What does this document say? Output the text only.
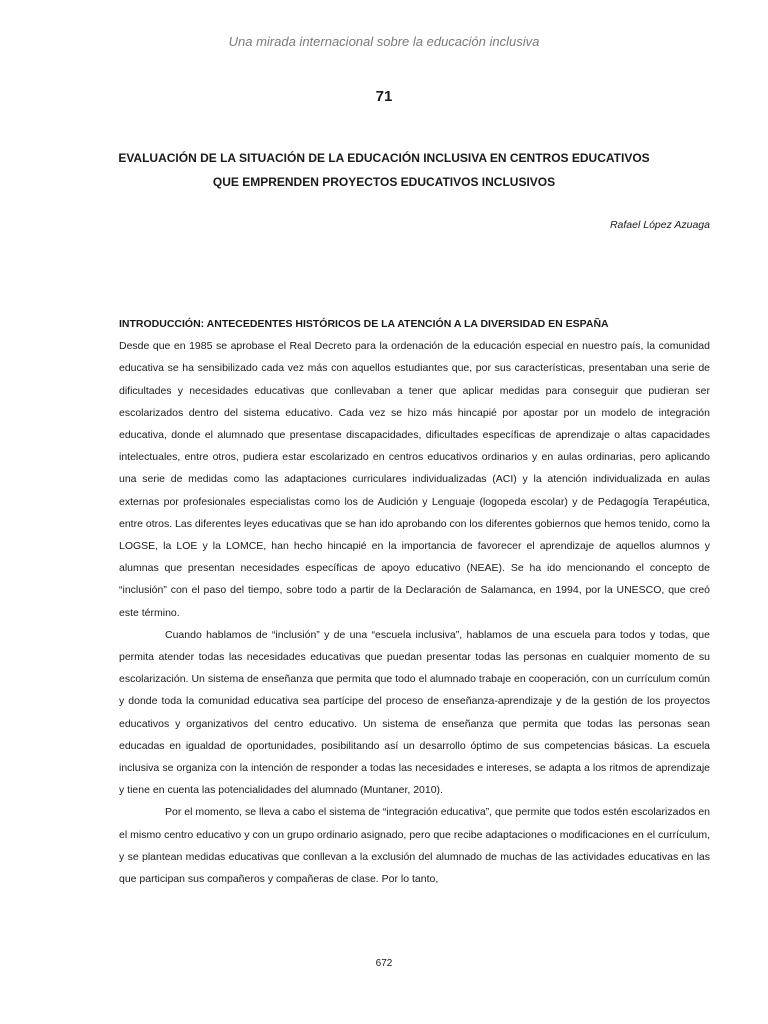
Una mirada internacional sobre la educación inclusiva
71
EVALUACIÓN DE LA SITUACIÓN DE LA EDUCACIÓN INCLUSIVA EN CENTROS EDUCATIVOS QUE EMPRENDEN PROYECTOS EDUCATIVOS INCLUSIVOS
Rafael López Azuaga

INTRODUCCIÓN: ANTECEDENTES HISTÓRICOS DE LA ATENCIÓN A LA DIVERSIDAD EN ESPAÑA

Desde que en 1985 se aprobase el Real Decreto para la ordenación de la educación especial en nuestro país, la comunidad educativa se ha sensibilizado cada vez más con aquellos estudiantes que, por sus características, presentaban una serie de dificultades y necesidades educativas que conllevaban a tener que aplicar medidas para conseguir que pudieran ser escolarizados dentro del sistema educativo. Cada vez se hizo más hincapié por apostar por un modelo de integración educativa, donde el alumnado que presentase discapacidades, dificultades específicas de aprendizaje o altas capacidades intelectuales, entre otros, pudiera estar escolarizado en centros educativos ordinarios y en aulas ordinarias, pero aplicando una serie de medidas como las adaptaciones curriculares individualizadas (ACI) y la atención individualizada en aulas externas por profesionales especialistas como los de Audición y Lenguaje (logopeda escolar) y de Pedagogía Terapéutica, entre otros. Las diferentes leyes educativas que se han ido aprobando con los diferentes gobiernos que hemos tenido, como la LOGSE, la LOE y la LOMCE, han hecho hincapié en la importancia de favorecer el aprendizaje de aquellos alumnos y alumnas que presentan necesidades específicas de apoyo educativo (NEAE). Se ha ido mencionando el concepto de “inclusión” con el paso del tiempo, sobre todo a partir de la Declaración de Salamanca, en 1994, por la UNESCO, que creó este término.

Cuando hablamos de “inclusión” y de una “escuela inclusiva”, hablamos de una escuela para todos y todas, que permita atender todas las necesidades educativas que puedan presentar todas las personas en cualquier momento de su escolarización. Un sistema de enseñanza que permita que todo el alumnado trabaje en cooperación, con un currículum común y donde toda la comunidad educativa sea partícipe del proceso de enseñanza-aprendizaje y de la gestión de los proyectos educativos y organizativos del centro educativo. Un sistema de enseñanza que permita que todas las personas sean educadas en igualdad de oportunidades, posibilitando así un desarrollo óptimo de sus competencias básicas. La escuela inclusiva se organiza con la intención de responder a todas las necesidades e intereses, se adapta a los ritmos de aprendizaje y tiene en cuenta las potencialidades del alumnado (Muntaner, 2010).

Por el momento, se lleva a cabo el sistema de “integración educativa”, que permite que todos estén escolarizados en el mismo centro educativo y con un grupo ordinario asignado, pero que recibe adaptaciones o modificaciones en el currículum, y se plantean medidas educativas que conllevan a la exclusión del alumnado de muchas de las actividades educativas en las que participan sus compañeros y compañeras de clase. Por lo tanto,

672
